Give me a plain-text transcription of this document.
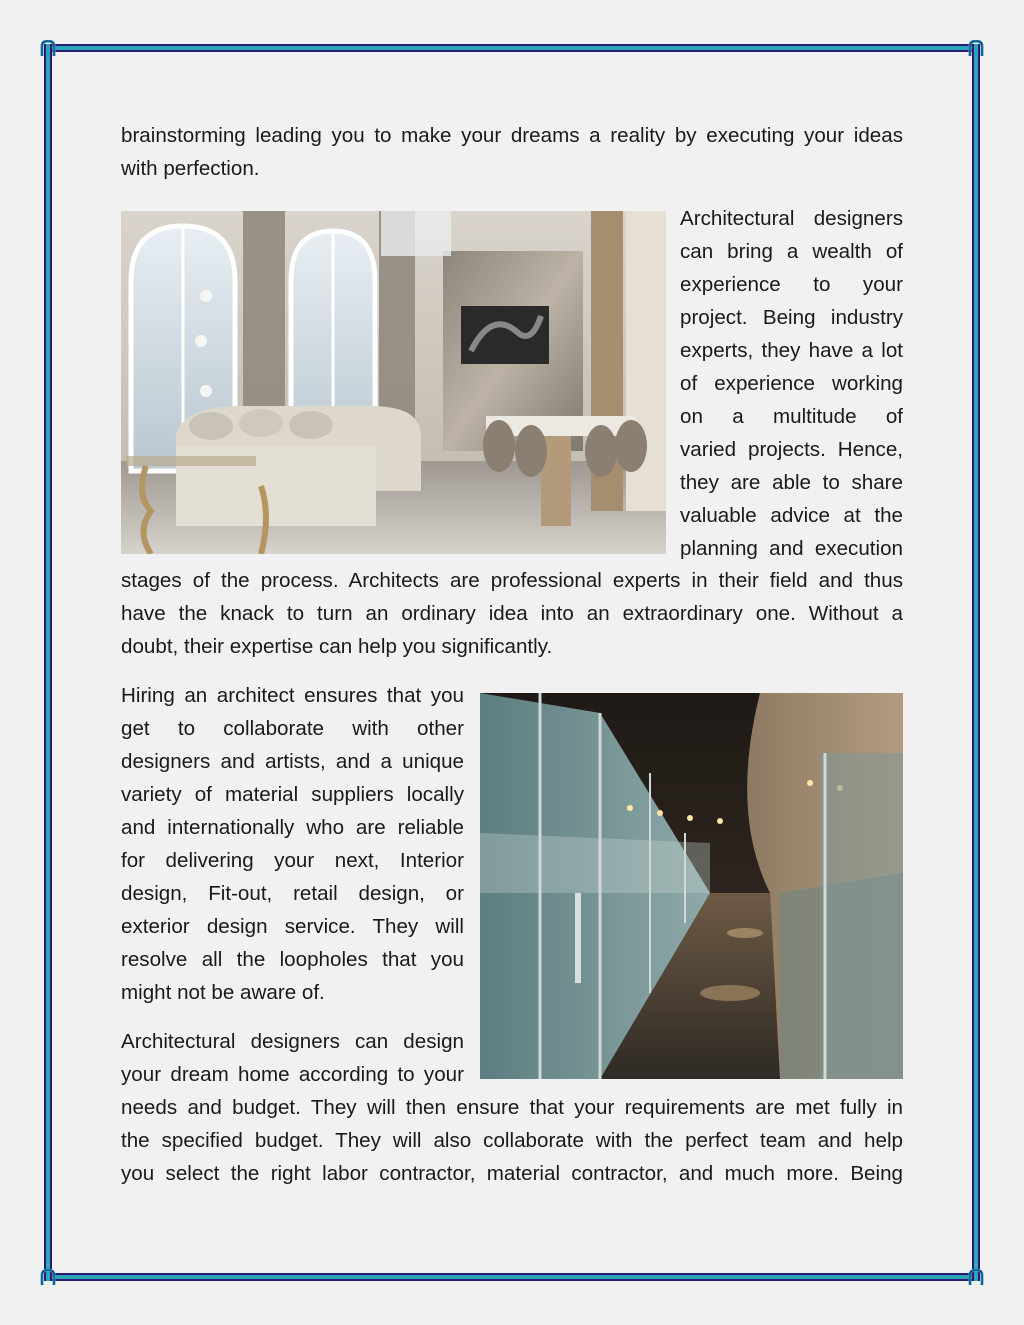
brainstorming leading you to make your dreams a reality by executing your ideas
with perfection.
Architectural designers
can bring a wealth of
experience to your
project. Being industry
experts, they have a lot
of experience working
on a multitude of
varied projects. Hence,
they are able to share
valuable advice at the
planning and execution
stages of the process. Architects are professional experts in their field and thus
have the knack to turn an ordinary idea into an extraordinary one. Without a
doubt, their expertise can help you significantly.
Hiring an architect ensures that you
get to collaborate with other
designers and artists, and a unique
variety of material suppliers locally
and internationally who are reliable
for delivering your next, Interior
design, Fit-out, retail design, or
exterior design service. They will
resolve all the loopholes that you
might not be aware of.
Architectural designers can design
your dream home according to your
needs and budget. They will then ensure that your requirements are met fully in
the specified budget. They will also collaborate with the perfect team and help
you select the right labor contractor, material contractor, and much more. Being
